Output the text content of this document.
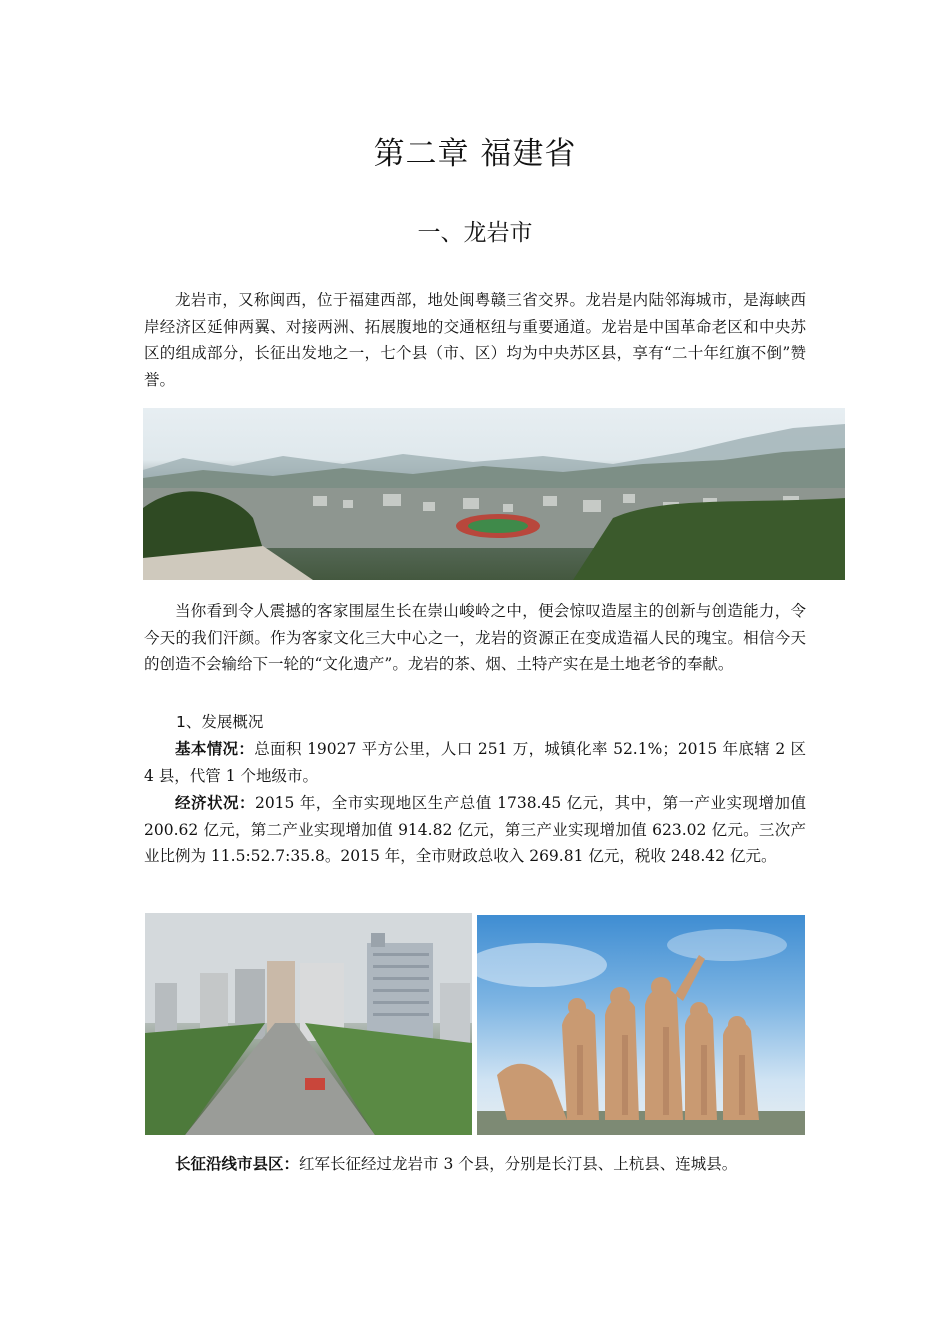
第二章 福建省
一、龙岩市

龙岩市，又称闽西，位于福建西部，地处闽粤赣三省交界。龙岩是内陆邻海城市，是海峡西岸经济区延伸两翼、对接两洲、拓展腹地的交通枢纽与重要通道。龙岩是中国革命老区和中央苏区的组成部分，长征出发地之一，七个县（市、区）均为中央苏区县，享有“二十年红旗不倒”赞誉。

当你看到令人震撼的客家围屋生长在崇山峻岭之中，便会惊叹造屋主的创新与创造能力，令今天的我们汗颜。作为客家文化三大中心之一，龙岩的资源正在变成造福人民的瑰宝。相信今天的创造不会输给下一轮的“文化遗产”。龙岩的茶、烟、土特产实在是土地老爷的奉献。

1、发展概况

基本情况：总面积 19027 平方公里，人口 251 万，城镇化率 52.1%；2015 年底辖 2 区 4 县，代管 1 个地级市。

经济状况：2015 年，全市实现地区生产总值 1738.45 亿元，其中，第一产业实现增加值 200.62 亿元，第二产业实现增加值 914.82 亿元，第三产业实现增加值 623.02 亿元。三次产业比例为 11.5:52.7:35.8。2015 年，全市财政总收入 269.81 亿元，税收 248.42 亿元。

长征沿线市县区：红军长征经过龙岩市 3 个县，分别是长汀县、上杭县、连城县。
